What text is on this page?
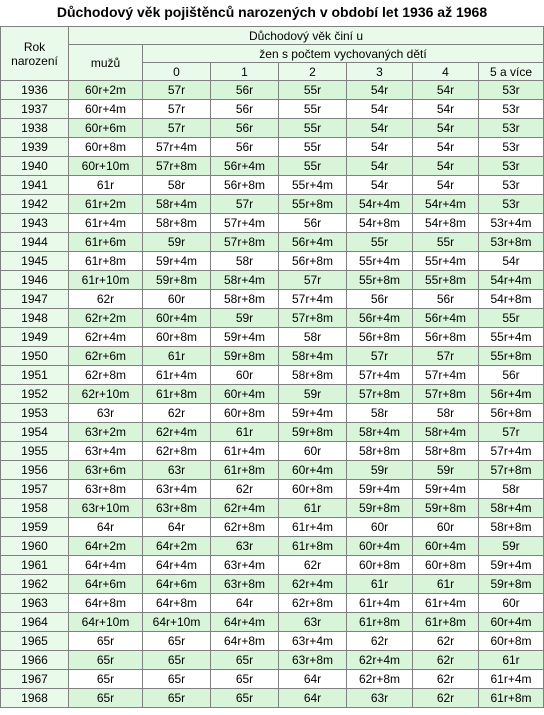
Důchodový věk pojištěnců narozených v období let 1936 až 1968
Rok
narození	Důchodový věk činí u						
	mužů	žen s počtem vychovaných dětí					
		0	1	2	3	4	5 a více
1936	60r+2m	57r	56r	55r	54r	54r	53r
1937	60r+4m	57r	56r	55r	54r	54r	53r
1938	60r+6m	57r	56r	55r	54r	54r	53r
1939	60r+8m	57r+4m	56r	55r	54r	54r	53r
1940	60r+10m	57r+8m	56r+4m	55r	54r	54r	53r
1941	61r	58r	56r+8m	55r+4m	54r	54r	53r
1942	61r+2m	58r+4m	57r	55r+8m	54r+4m	54r+4m	53r
1943	61r+4m	58r+8m	57r+4m	56r	54r+8m	54r+8m	53r+4m
1944	61r+6m	59r	57r+8m	56r+4m	55r	55r	53r+8m
1945	61r+8m	59r+4m	58r	56r+8m	55r+4m	55r+4m	54r
1946	61r+10m	59r+8m	58r+4m	57r	55r+8m	55r+8m	54r+4m
1947	62r	60r	58r+8m	57r+4m	56r	56r	54r+8m
1948	62r+2m	60r+4m	59r	57r+8m	56r+4m	56r+4m	55r
1949	62r+4m	60r+8m	59r+4m	58r	56r+8m	56r+8m	55r+4m
1950	62r+6m	61r	59r+8m	58r+4m	57r	57r	55r+8m
1951	62r+8m	61r+4m	60r	58r+8m	57r+4m	57r+4m	56r
1952	62r+10m	61r+8m	60r+4m	59r	57r+8m	57r+8m	56r+4m
1953	63r	62r	60r+8m	59r+4m	58r	58r	56r+8m
1954	63r+2m	62r+4m	61r	59r+8m	58r+4m	58r+4m	57r
1955	63r+4m	62r+8m	61r+4m	60r	58r+8m	58r+8m	57r+4m
1956	63r+6m	63r	61r+8m	60r+4m	59r	59r	57r+8m
1957	63r+8m	63r+4m	62r	60r+8m	59r+4m	59r+4m	58r
1958	63r+10m	63r+8m	62r+4m	61r	59r+8m	59r+8m	58r+4m
1959	64r	64r	62r+8m	61r+4m	60r	60r	58r+8m
1960	64r+2m	64r+2m	63r	61r+8m	60r+4m	60r+4m	59r
1961	64r+4m	64r+4m	63r+4m	62r	60r+8m	60r+8m	59r+4m
1962	64r+6m	64r+6m	63r+8m	62r+4m	61r	61r	59r+8m
1963	64r+8m	64r+8m	64r	62r+8m	61r+4m	61r+4m	60r
1964	64r+10m	64r+10m	64r+4m	63r	61r+8m	61r+8m	60r+4m
1965	65r	65r	64r+8m	63r+4m	62r	62r	60r+8m
1966	65r	65r	65r	63r+8m	62r+4m	62r	61r
1967	65r	65r	65r	64r	62r+8m	62r	61r+4m
1968	65r	65r	65r	64r	63r	62r	61r+8m
